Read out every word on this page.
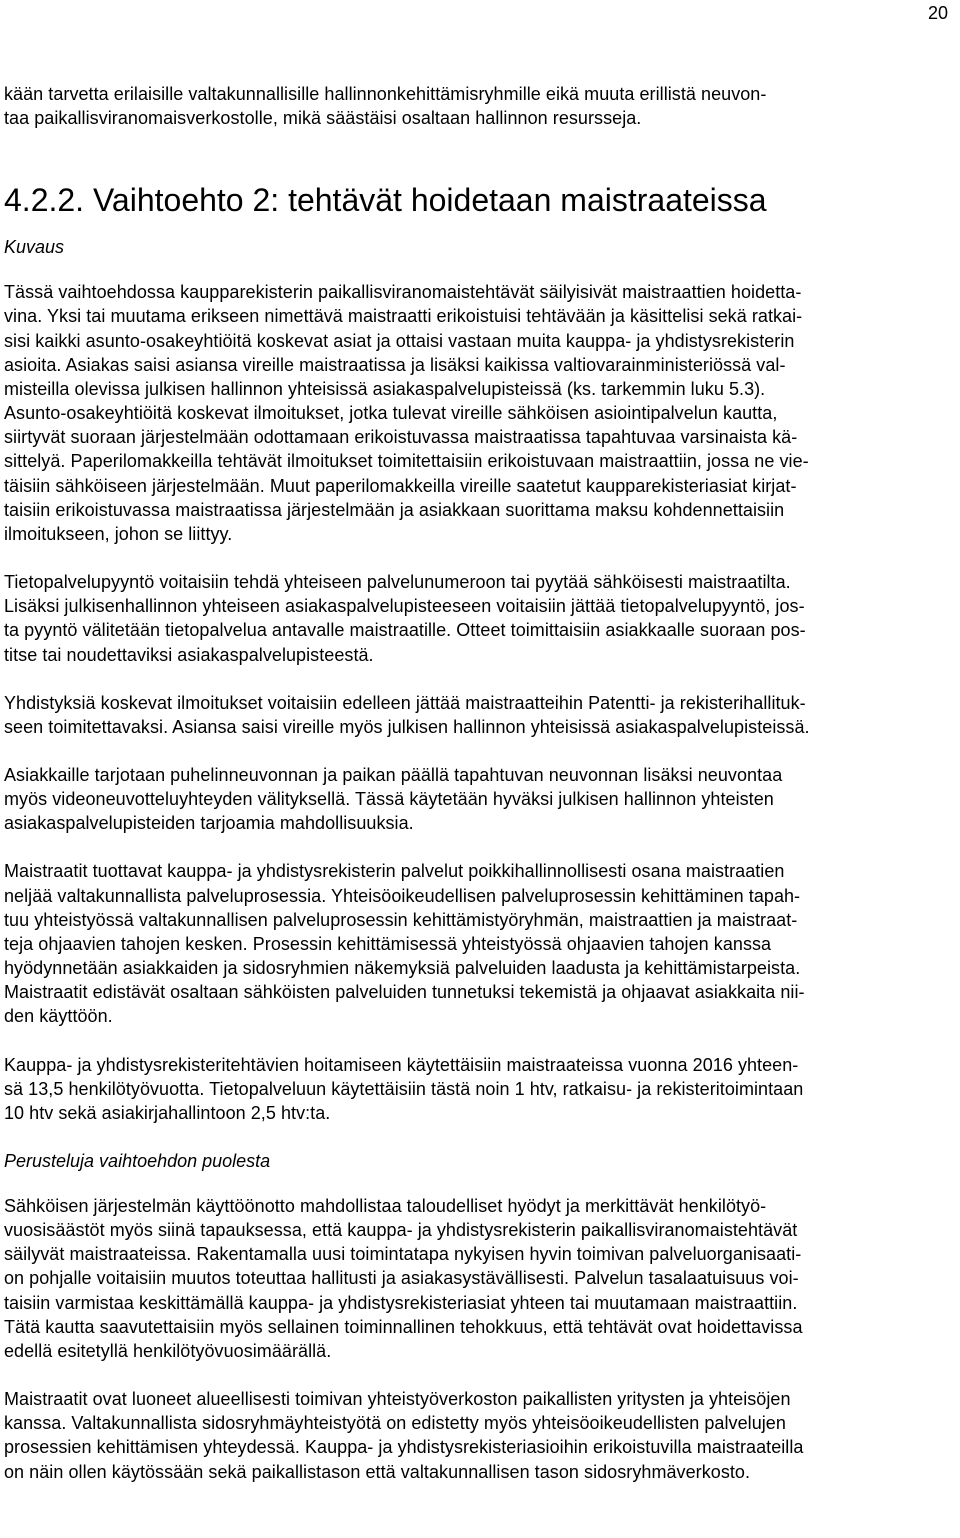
20

kään tarvetta erilaisille valtakunnallisille hallinnonkehittämisryhmille eikä muuta erillistä neuvon-
taa paikallisviranomaisverkostolle, mikä säästäisi osaltaan hallinnon resursseja.

4.2.2. Vaihtoehto 2: tehtävät hoidetaan maistraateissa

Kuvaus

Tässä vaihtoehdossa kaupparekisterin paikallisviranomaistehtävät säilyisivät maistraattien hoidetta-
vina. Yksi tai muutama erikseen nimettävä maistraatti erikoistuisi tehtävään ja käsittelisi sekä ratkai-
sisi kaikki asunto-osakeyhtiöitä koskevat asiat ja ottaisi vastaan muita kauppa- ja yhdistysrekisterin
asioita. Asiakas saisi asiansa vireille maistraatissa ja lisäksi kaikissa valtiovarainministeriössä val-
misteilla olevissa julkisen hallinnon yhteisissä asiakaspalvelupisteissä (ks. tarkemmin luku 5.3).
Asunto-osakeyhtiöitä koskevat ilmoitukset, jotka tulevat vireille sähköisen asiointipalvelun kautta,
siirtyvät suoraan järjestelmään odottamaan erikoistuvassa maistraatissa tapahtuvaa varsinaista kä-
sittelyä. Paperilomakkeilla tehtävät ilmoitukset toimitettaisiin erikoistuvaan maistraattiin, jossa ne vie-
täisiin sähköiseen järjestelmään. Muut paperilomakkeilla vireille saatetut kaupparekisteriasiat kirjat-
taisiin erikoistuvassa maistraatissa järjestelmään ja asiakkaan suorittama maksu kohdennettaisiin
ilmoitukseen, johon se liittyy.

Tietopalvelupyyntö voitaisiin tehdä yhteiseen palvelunumeroon tai pyytää sähköisesti maistraatilta.
Lisäksi julkisenhallinnon yhteiseen asiakaspalvelupisteeseen voitaisiin jättää tietopalvelupyyntö, jos-
ta pyyntö välitetään tietopalvelua antavalle maistraatille. Otteet toimittaisiin asiakkaalle suoraan pos-
titse tai noudettaviksi asiakaspalvelupisteestä.

Yhdistyksiä koskevat ilmoitukset voitaisiin edelleen jättää maistraatteihin Patentti- ja rekisterihallituk-
seen toimitettavaksi. Asiansa saisi vireille myös julkisen hallinnon yhteisissä asiakaspalvelupisteissä.

Asiakkaille tarjotaan puhelinneuvonnan ja paikan päällä tapahtuvan neuvonnan lisäksi neuvontaa
myös videoneuvotteluyhteyden välityksellä. Tässä käytetään hyväksi julkisen hallinnon yhteisten
asiakaspalvelupisteiden tarjoamia mahdollisuuksia.

Maistraatit tuottavat kauppa- ja yhdistysrekisterin palvelut poikkihallinnollisesti osana maistraatien
neljää valtakunnallista palveluprosessia. Yhteisöoikeudellisen palveluprosessin kehittäminen tapah-
tuu yhteistyössä valtakunnallisen palveluprosessin kehittämistyöryhmän, maistraattien ja maistraat-
teja ohjaavien tahojen kesken. Prosessin kehittämisessä yhteistyössä ohjaavien tahojen kanssa
hyödynnetään asiakkaiden ja sidosryhmien näkemyksiä palveluiden laadusta ja kehittämistarpeista.
Maistraatit edistävät osaltaan sähköisten palveluiden tunnetuksi tekemistä ja ohjaavat asiakkaita nii-
den käyttöön.

Kauppa- ja yhdistysrekisteritehtävien hoitamiseen käytettäisiin maistraateissa vuonna 2016 yhteen-
sä 13,5 henkilötyövuotta. Tietopalveluun käytettäisiin tästä noin 1 htv, ratkaisu- ja rekisteritoimintaan
10 htv sekä asiakirjahallintoon 2,5 htv:ta.

Perusteluja vaihtoehdon puolesta

Sähköisen järjestelmän käyttöönotto mahdollistaa taloudelliset hyödyt ja merkittävät henkilötyö-
vuosisäästöt myös siinä tapauksessa, että kauppa- ja yhdistysrekisterin paikallisviranomaistehtävät
säilyvät maistraateissa. Rakentamalla uusi toimintatapa nykyisen hyvin toimivan palveluorganisaati-
on pohjalle voitaisiin muutos toteuttaa hallitusti ja asiakasystävällisesti. Palvelun tasalaatuisuus voi-
taisiin varmistaa keskittämällä kauppa- ja yhdistysrekisteriasiat yhteen tai muutamaan maistraattiin.
Tätä kautta saavutettaisiin myös sellainen toiminnallinen tehokkuus, että tehtävät ovat hoidettavissa
edellä esitetyllä henkilötyövuosimäärällä.

Maistraatit ovat luoneet alueellisesti toimivan yhteistyöverkoston paikallisten yritysten ja yhteisöjen
kanssa. Valtakunnallista sidosryhmäyhteistyötä on edistetty myös yhteisöoikeudellisten palvelujen
prosessien kehittämisen yhteydessä. Kauppa- ja yhdistysrekisteriasioihin erikoistuvilla maistraateilla
on näin ollen käytössään sekä paikallistason että valtakunnallisen tason sidosryhmäverkosto.
